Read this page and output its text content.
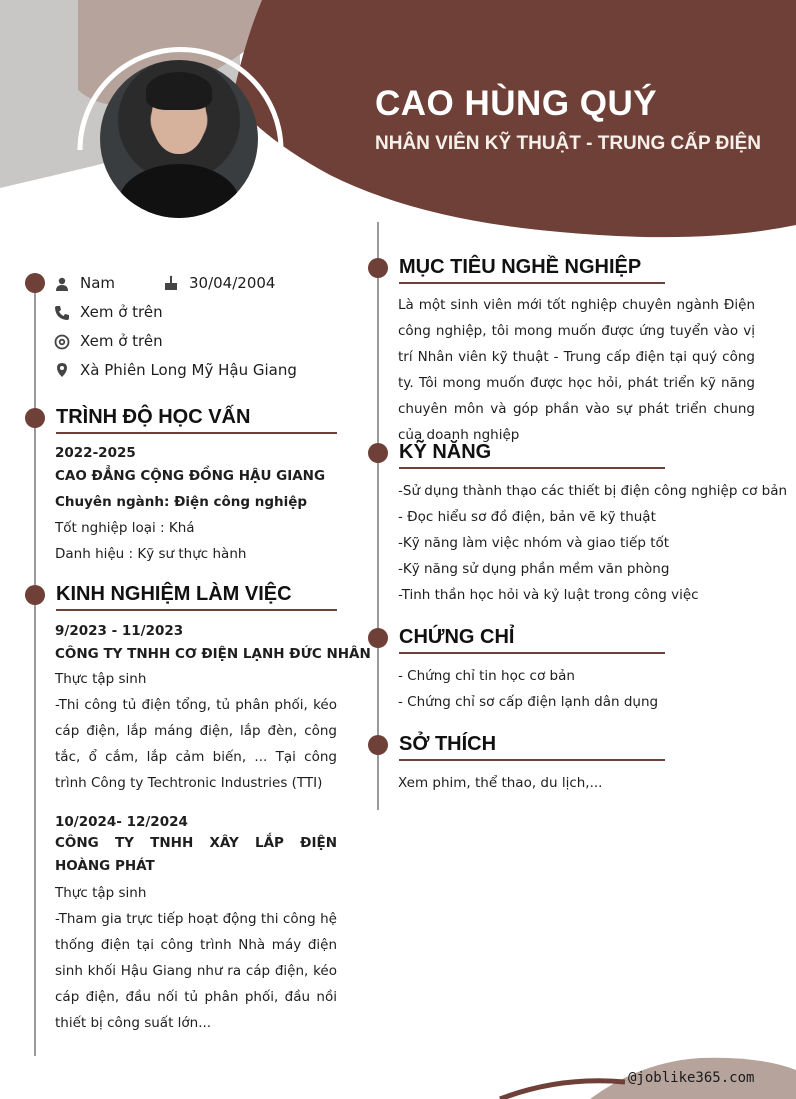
CAO HÙNG QUÝ
NHÂN VIÊN KỸ THUẬT - TRUNG CẤP ĐIỆN
Nam	30/04/2004
Xem ở trên
Xem ở trên
Xà Phiên Long Mỹ Hậu Giang
TRÌNH ĐỘ HỌC VẤN
2022-2025
CAO ĐẲNG CỘNG ĐỒNG HẬU GIANG
Chuyên ngành: Điện công nghiệp
Tốt nghiệp loại : Khá
Danh hiệu : Kỹ sư thực hành
KINH NGHIỆM LÀM VIỆC
9/2023 - 11/2023
CÔNG TY TNHH CƠ ĐIỆN LẠNH ĐỨC NHÂN
Thực tập sinh
-Thi công tủ điện tổng, tủ phân phối, kéo cáp điện, lắp máng điện, lắp đèn, công tắc, ổ cắm, lắp cảm biến, ... Tại công trình Công ty Techtronic Industries (TTI)
10/2024- 12/2024
CÔNG TY TNHH XÂY LẮP ĐIỆN HOÀNG PHÁT
Thực tập sinh
-Tham gia trực tiếp hoạt động thi công hệ thống điện tại công trình Nhà máy điện sinh khối Hậu Giang như ra cáp điện, kéo cáp điện, đầu nối tủ phân phối, đầu nồi thiết bị công suất lớn...
MỤC TIÊU NGHỀ NGHIỆP
Là một sinh viên mới tốt nghiệp chuyên ngành Điện công nghiệp, tôi mong muốn được ứng tuyển vào vị trí Nhân viên kỹ thuật - Trung cấp điện tại quý công ty. Tôi mong muốn được học hỏi, phát triển kỹ năng chuyên môn và góp phần vào sự phát triển chung của doanh nghiệp
KỸ NĂNG
-Sử dụng thành thạo các thiết bị điện công nghiệp cơ bản
- Đọc hiểu sơ đồ điện, bản vẽ kỹ thuật
-Kỹ năng làm việc nhóm và giao tiếp tốt
-Kỹ năng sử dụng phần mềm văn phòng
-Tinh thần học hỏi và kỷ luật trong công việc
CHỨNG CHỈ
- Chứng chỉ tin học cơ bản
- Chứng chỉ sơ cấp điện lạnh dân dụng
SỞ THÍCH
Xem phim, thể thao, du lịch,...
@joblike365.com
